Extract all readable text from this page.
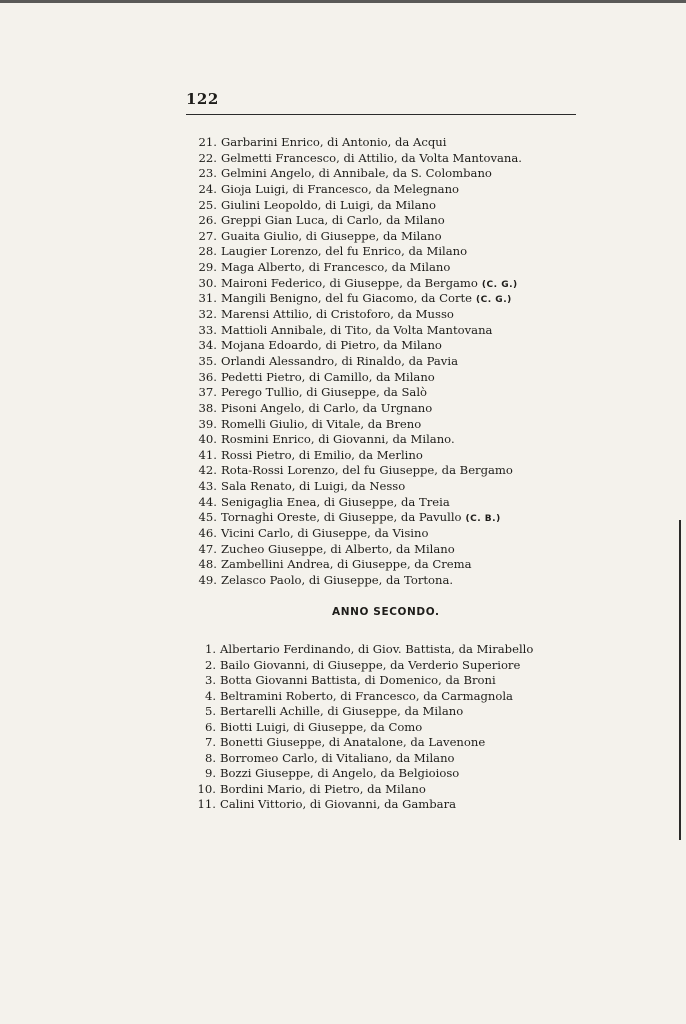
122
21. Garbarini Enrico, di Antonio, da Acqui
22. Gelmetti Francesco, di Attilio, da Volta Mantovana.
23. Gelmini Angelo, di Annibale, da S. Colombano
24. Gioja Luigi, di Francesco, da Melegnano
25. Giulini Leopoldo, di Luigi, da Milano
26. Greppi Gian Luca, di Carlo, da Milano
27. Guaita Giulio, di Giuseppe, da Milano
28. Laugier Lorenzo, del fu Enrico, da Milano
29. Maga Alberto, di Francesco, da Milano
30. Maironi Federico, di Giuseppe, da Bergamo (C. G.)
31. Mangili Benigno, del fu Giacomo, da Corte (C. G.)
32. Marensi Attilio, di Cristoforo, da Musso
33. Mattioli Annibale, di Tito, da Volta Mantovana
34. Mojana Edoardo, di Pietro, da Milano
35. Orlandi Alessandro, di Rinaldo, da Pavia
36. Pedetti Pietro, di Camillo, da Milano
37. Perego Tullio, di Giuseppe, da Salò
38. Pisoni Angelo, di Carlo, da Urgnano
39. Romelli Giulio, di Vitale, da Breno
40. Rosmini Enrico, di Giovanni, da Milano.
41. Rossi Pietro, di Emilio, da Merlino
42. Rota-Rossi Lorenzo, del fu Giuseppe, da Bergamo
43. Sala Renato, di Luigi, da Nesso
44. Senigaglia Enea, di Giuseppe, da Treia
45. Tornaghi Oreste, di Giuseppe, da Pavullo (C. B.)
46. Vicini Carlo, di Giuseppe, da Visino
47. Zucheo Giuseppe, di Alberto, da Milano
48. Zambellini Andrea, di Giuseppe, da Crema
49. Zelasco Paolo, di Giuseppe, da Tortona.
ANNO SECONDO.
1. Albertario Ferdinando, di Giov. Battista, da Mirabello
2. Bailo Giovanni, di Giuseppe, da Verderio Superiore
3. Botta Giovanni Battista, di Domenico, da Broni
4. Beltramini Roberto, di Francesco, da Carmagnola
5. Bertarelli Achille, di Giuseppe, da Milano
6. Biotti Luigi, di Giuseppe, da Como
7. Bonetti Giuseppe, di Anatalone, da Lavenone
8. Borromeo Carlo, di Vitaliano, da Milano
9. Bozzi Giuseppe, di Angelo, da Belgioioso
10. Bordini Mario, di Pietro, da Milano
11. Calini Vittorio, di Giovanni, da Gambara
